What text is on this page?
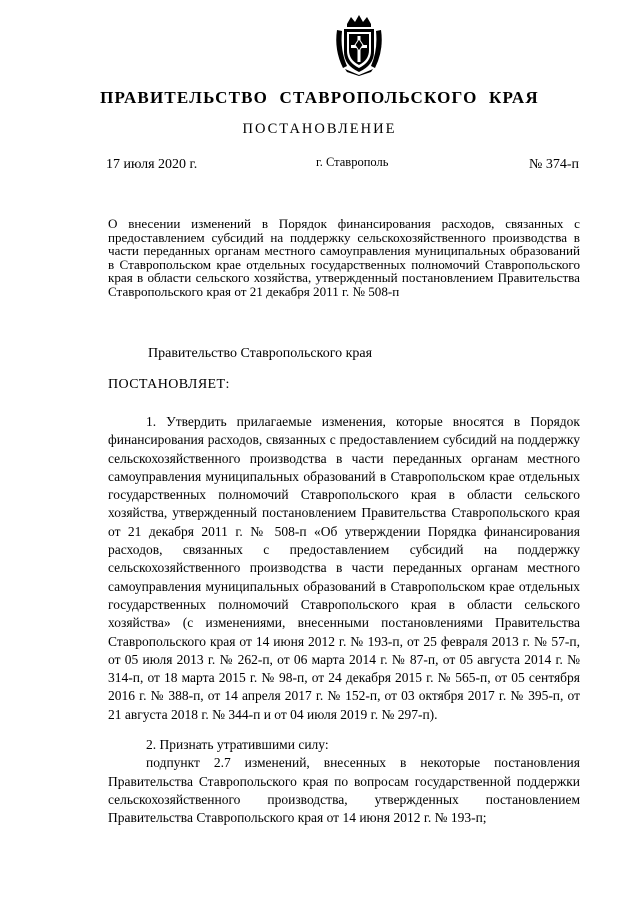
ПРАВИТЕЛЬСТВО СТАВРОПОЛЬСКОГО КРАЯ
ПОСТАНОВЛЕНИЕ
17 июля 2020 г.	г. Ставрополь	№ 374-п

О внесении изменений в Порядок финансирования расходов, связанных с предоставлением субсидий на поддержку сельскохозяйственного производства в части переданных органам местного самоуправления муниципальных образований в Ставропольском крае отдельных государственных полномочий Ставропольского края в области сельского хозяйства, утвержденный постановлением Правительства Ставропольского края от 21 декабря 2011 г. № 508-п

Правительство Ставропольского края
ПОСТАНОВЛЯЕТ:

1. Утвердить прилагаемые изменения, которые вносятся в Порядок финансирования расходов, связанных с предоставлением субсидий на поддержку сельскохозяйственного производства в части переданных органам местного самоуправления муниципальных образований в Ставропольском крае отдельных государственных полномочий Ставропольского края в области сельского хозяйства, утвержденный постановлением Правительства Ставропольского края от 21 декабря 2011 г. № 508-п «Об утверждении Порядка финансирования расходов, связанных с предоставлением субсидий на поддержку сельскохозяйственного производства в части переданных органам местного самоуправления муниципальных образований в Ставропольском крае отдельных государственных полномочий Ставропольского края в области сельского хозяйства» (с изменениями, внесенными постановлениями Правительства Ставропольского края от 14 июня 2012 г. № 193-п, от 25 февраля 2013 г. № 57-п, от 05 июля 2013 г. № 262-п, от 06 марта 2014 г. № 87-п, от 05 августа 2014 г. № 314-п, от 18 марта 2015 г. № 98-п, от 24 декабря 2015 г. № 565-п, от 05 сентября 2016 г. № 388-п, от 14 апреля 2017 г. № 152-п, от 03 октября 2017 г. № 395-п, от 21 августа 2018 г. № 344-п и от 04 июля 2019 г. № 297-п).

2. Признать утратившими силу:

подпункт 2.7 изменений, внесенных в некоторые постановления Правительства Ставропольского края по вопросам государственной поддержки сельскохозяйственного производства, утвержденных постановлением Правительства Ставропольского края от 14 июня 2012 г. № 193-п;
